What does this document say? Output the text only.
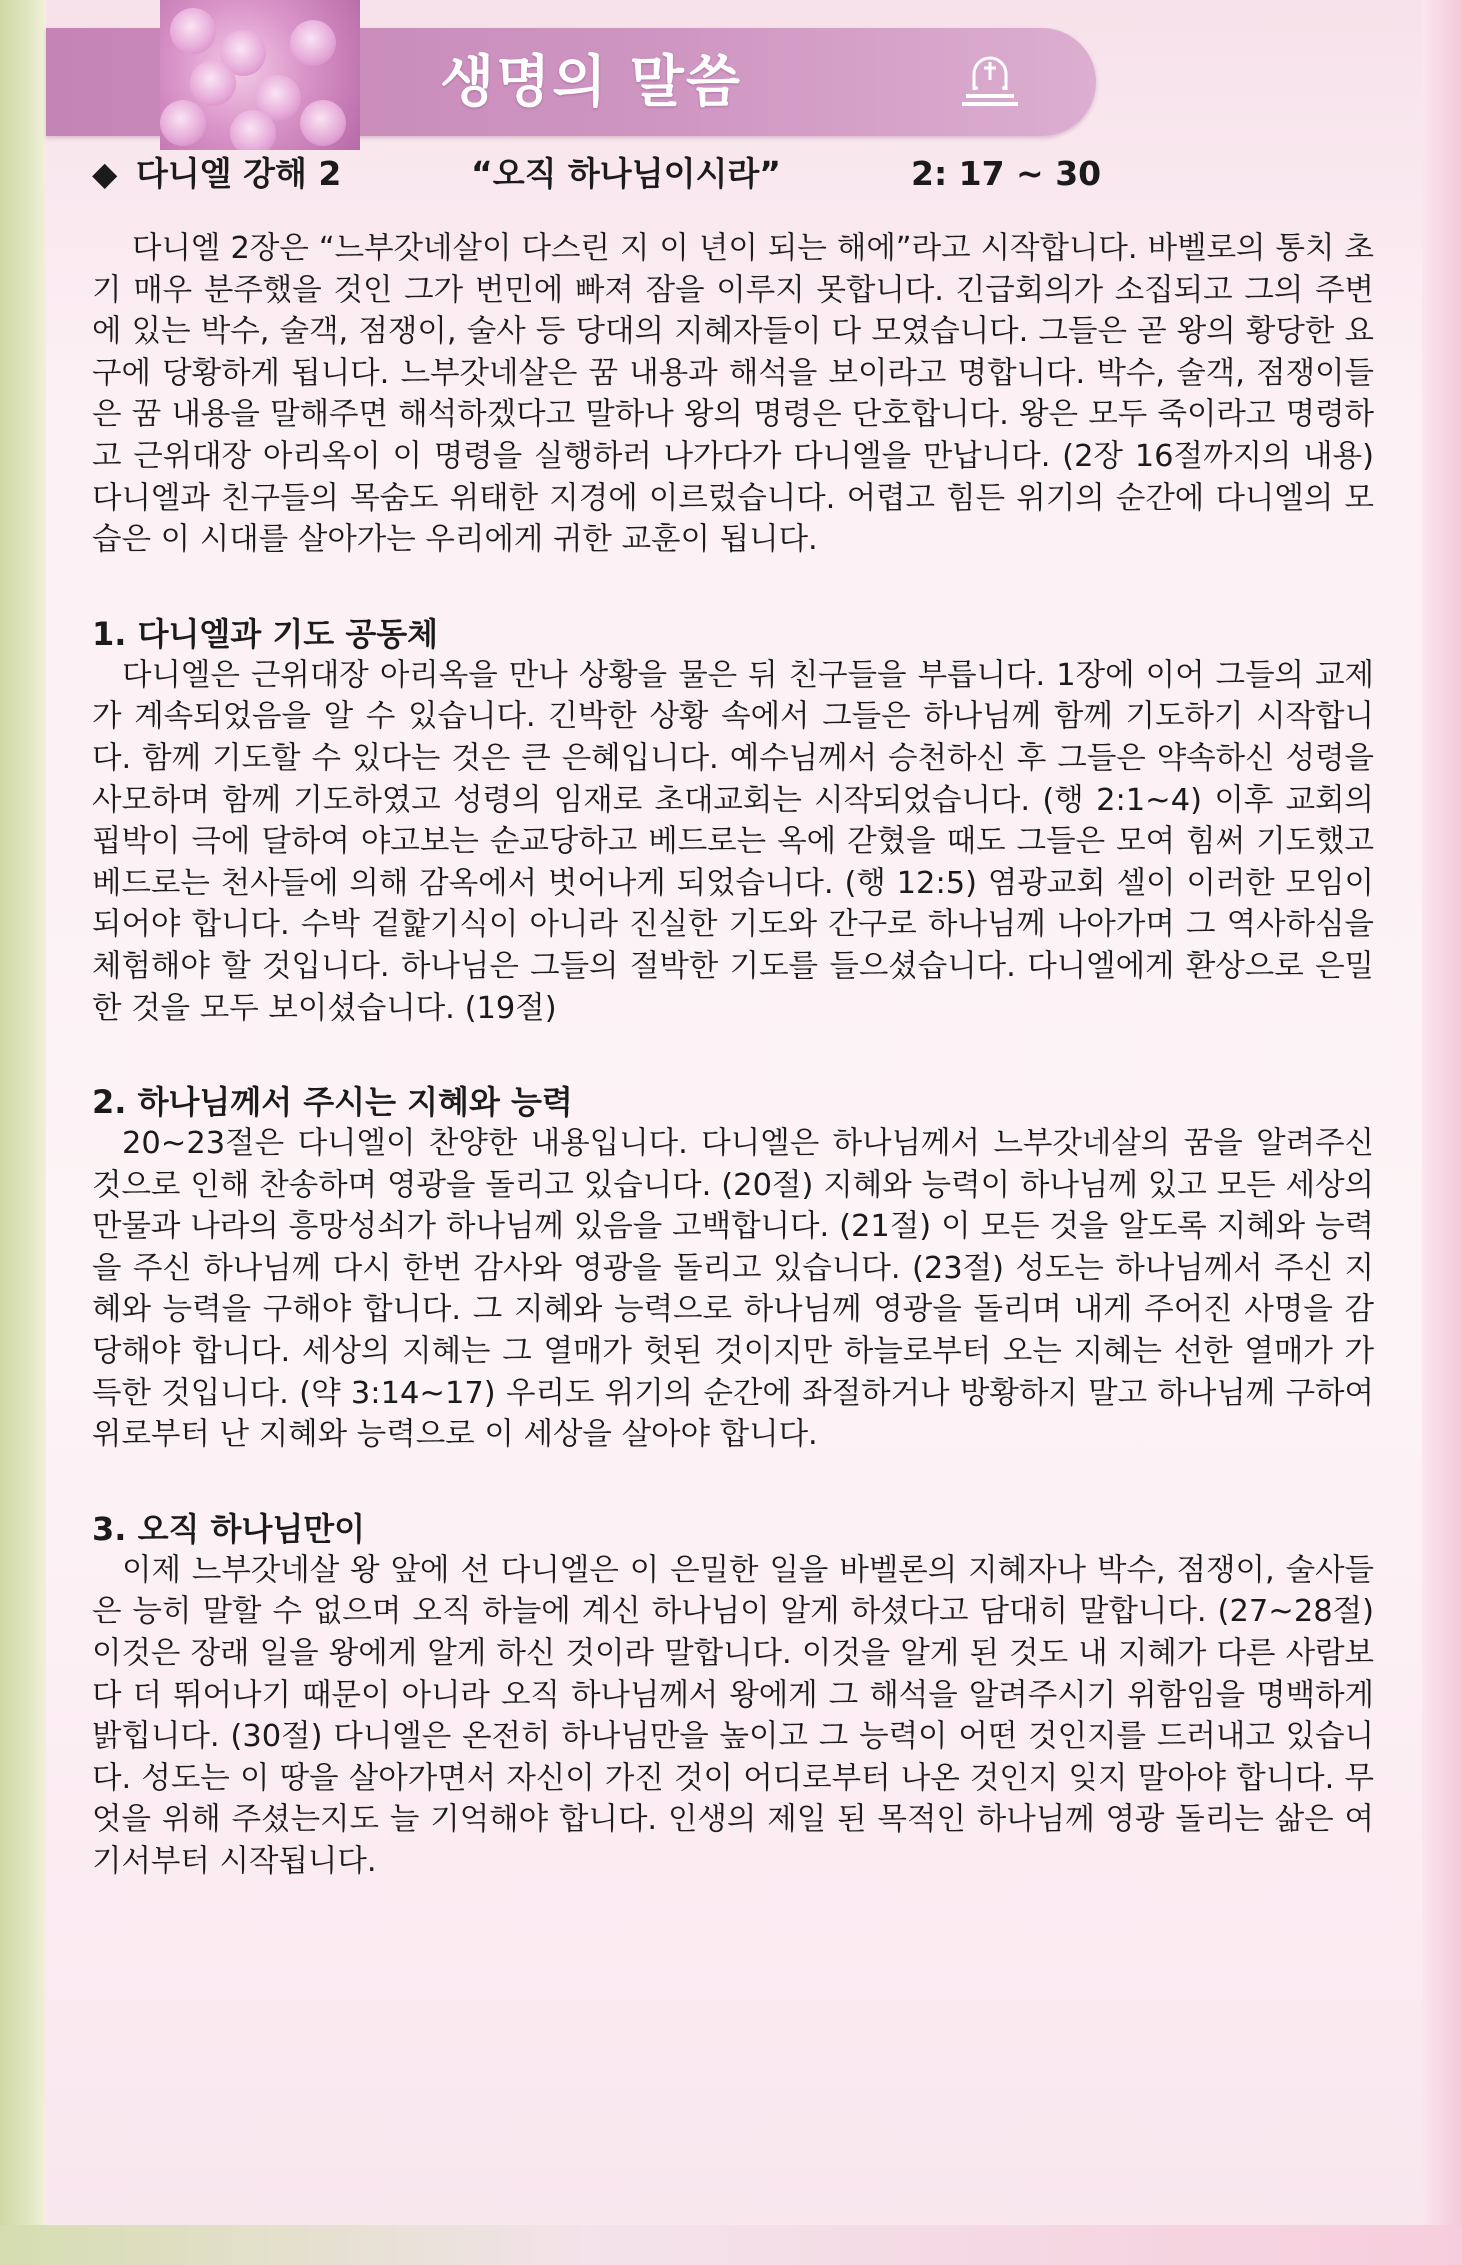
생명의 말씀
◆ 다니엘 강해 2	“오직 하나님이시라”	2: 17 ~ 30

다니엘 2장은 “느부갓네살이 다스린 지 이 년이 되는 해에”라고 시작합니다. 바벨로의 통치 초기 매우 분주했을 것인 그가 번민에 빠져 잠을 이루지 못합니다. 긴급회의가 소집되고 그의 주변에 있는 박수, 술객, 점쟁이, 술사 등 당대의 지혜자들이 다 모였습니다. 그들은 곧 왕의 황당한 요구에 당황하게 됩니다. 느부갓네살은 꿈 내용과 해석을 보이라고 명합니다. 박수, 술객, 점쟁이들은 꿈 내용을 말해주면 해석하겠다고 말하나 왕의 명령은 단호합니다. 왕은 모두 죽이라고 명령하고 근위대장 아리옥이 이 명령을 실행하러 나가다가 다니엘을 만납니다. (2장 16절까지의 내용) 다니엘과 친구들의 목숨도 위태한 지경에 이르렀습니다. 어렵고 힘든 위기의 순간에 다니엘의 모습은 이 시대를 살아가는 우리에게 귀한 교훈이 됩니다.

1. 다니엘과 기도 공동체

다니엘은 근위대장 아리옥을 만나 상황을 물은 뒤 친구들을 부릅니다. 1장에 이어 그들의 교제가 계속되었음을 알 수 있습니다. 긴박한 상황 속에서 그들은 하나님께 함께 기도하기 시작합니다. 함께 기도할 수 있다는 것은 큰 은혜입니다. 예수님께서 승천하신 후 그들은 약속하신 성령을 사모하며 함께 기도하였고 성령의 임재로 초대교회는 시작되었습니다. (행 2:1~4) 이후 교회의 핍박이 극에 달하여 야고보는 순교당하고 베드로는 옥에 갇혔을 때도 그들은 모여 힘써 기도했고 베드로는 천사들에 의해 감옥에서 벗어나게 되었습니다. (행 12:5) 염광교회 셀이 이러한 모임이 되어야 합니다. 수박 겉핥기식이 아니라 진실한 기도와 간구로 하나님께 나아가며 그 역사하심을 체험해야 할 것입니다. 하나님은 그들의 절박한 기도를 들으셨습니다. 다니엘에게 환상으로 은밀한 것을 모두 보이셨습니다. (19절)

2. 하나님께서 주시는 지혜와 능력

20~23절은 다니엘이 찬양한 내용입니다. 다니엘은 하나님께서 느부갓네살의 꿈을 알려주신 것으로 인해 찬송하며 영광을 돌리고 있습니다. (20절) 지혜와 능력이 하나님께 있고 모든 세상의 만물과 나라의 흥망성쇠가 하나님께 있음을 고백합니다. (21절) 이 모든 것을 알도록 지혜와 능력을 주신 하나님께 다시 한번 감사와 영광을 돌리고 있습니다. (23절) 성도는 하나님께서 주신 지혜와 능력을 구해야 합니다. 그 지혜와 능력으로 하나님께 영광을 돌리며 내게 주어진 사명을 감당해야 합니다. 세상의 지혜는 그 열매가 헛된 것이지만 하늘로부터 오는 지혜는 선한 열매가 가득한 것입니다. (약 3:14~17) 우리도 위기의 순간에 좌절하거나 방황하지 말고 하나님께 구하여 위로부터 난 지혜와 능력으로 이 세상을 살아야 합니다.

3. 오직 하나님만이

이제 느부갓네살 왕 앞에 선 다니엘은 이 은밀한 일을 바벨론의 지혜자나 박수, 점쟁이, 술사들은 능히 말할 수 없으며 오직 하늘에 계신 하나님이 알게 하셨다고 담대히 말합니다. (27~28절) 이것은 장래 일을 왕에게 알게 하신 것이라 말합니다. 이것을 알게 된 것도 내 지혜가 다른 사람보다 더 뛰어나기 때문이 아니라 오직 하나님께서 왕에게 그 해석을 알려주시기 위함임을 명백하게 밝힙니다. (30절) 다니엘은 온전히 하나님만을 높이고 그 능력이 어떤 것인지를 드러내고 있습니다. 성도는 이 땅을 살아가면서 자신이 가진 것이 어디로부터 나온 것인지 잊지 말아야 합니다. 무엇을 위해 주셨는지도 늘 기억해야 합니다. 인생의 제일 된 목적인 하나님께 영광 돌리는 삶은 여기서부터 시작됩니다.
